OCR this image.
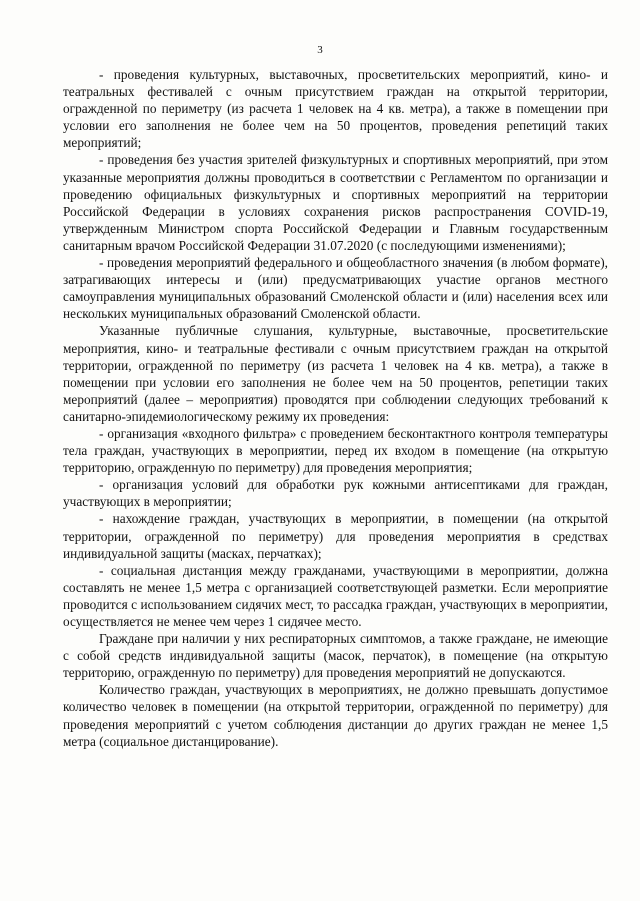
3

- проведения культурных, выставочных, просветительских мероприятий, кино- и театральных фестивалей с очным присутствием граждан на открытой территории, огражденной по периметру (из расчета 1 человек на 4 кв. метра), а также в помещении при условии его заполнения не более чем на 50 процентов, проведения репетиций таких мероприятий;

- проведения без участия зрителей физкультурных и спортивных мероприятий, при этом указанные мероприятия должны проводиться в соответствии с Регламентом по организации и проведению официальных физкультурных и спортивных мероприятий на территории Российской Федерации в условиях сохранения рисков распространения COVID-19, утвержденным Министром спорта Российской Федерации и Главным государственным санитарным врачом Российской Федерации 31.07.2020 (с последующими изменениями);

- проведения мероприятий федерального и общеобластного значения (в любом формате), затрагивающих интересы и (или) предусматривающих участие органов местного самоуправления муниципальных образований Смоленской области и (или) населения всех или нескольких муниципальных образований Смоленской области.

Указанные публичные слушания, культурные, выставочные, просветительские мероприятия, кино- и театральные фестивали с очным присутствием граждан на открытой территории, огражденной по периметру (из расчета 1 человек на 4 кв. метра), а также в помещении при условии его заполнения не более чем на 50 процентов, репетиции таких мероприятий (далее – мероприятия) проводятся при соблюдении следующих требований к санитарно-эпидемиологическому режиму их проведения:

- организация «входного фильтра» с проведением бесконтактного контроля температуры тела граждан, участвующих в мероприятии, перед их входом в помещение (на открытую территорию, огражденную по периметру) для проведения мероприятия;

- организация условий для обработки рук кожными антисептиками для граждан, участвующих в мероприятии;

- нахождение граждан, участвующих в мероприятии, в помещении (на открытой территории, огражденной по периметру) для проведения мероприятия в средствах индивидуальной защиты (масках, перчатках);

- социальная дистанция между гражданами, участвующими в мероприятии, должна составлять не менее 1,5 метра с организацией соответствующей разметки. Если мероприятие проводится с использованием сидячих мест, то рассадка граждан, участвующих в мероприятии, осуществляется не менее чем через 1 сидячее место.

Граждане при наличии у них респираторных симптомов, а также граждане, не имеющие с собой средств индивидуальной защиты (масок, перчаток), в помещение (на открытую территорию, огражденную по периметру) для проведения мероприятий не допускаются.

Количество граждан, участвующих в мероприятиях, не должно превышать допустимое количество человек в помещении (на открытой территории, огражденной по периметру) для проведения мероприятий с учетом соблюдения дистанции до других граждан не менее 1,5 метра (социальное дистанцирование).
